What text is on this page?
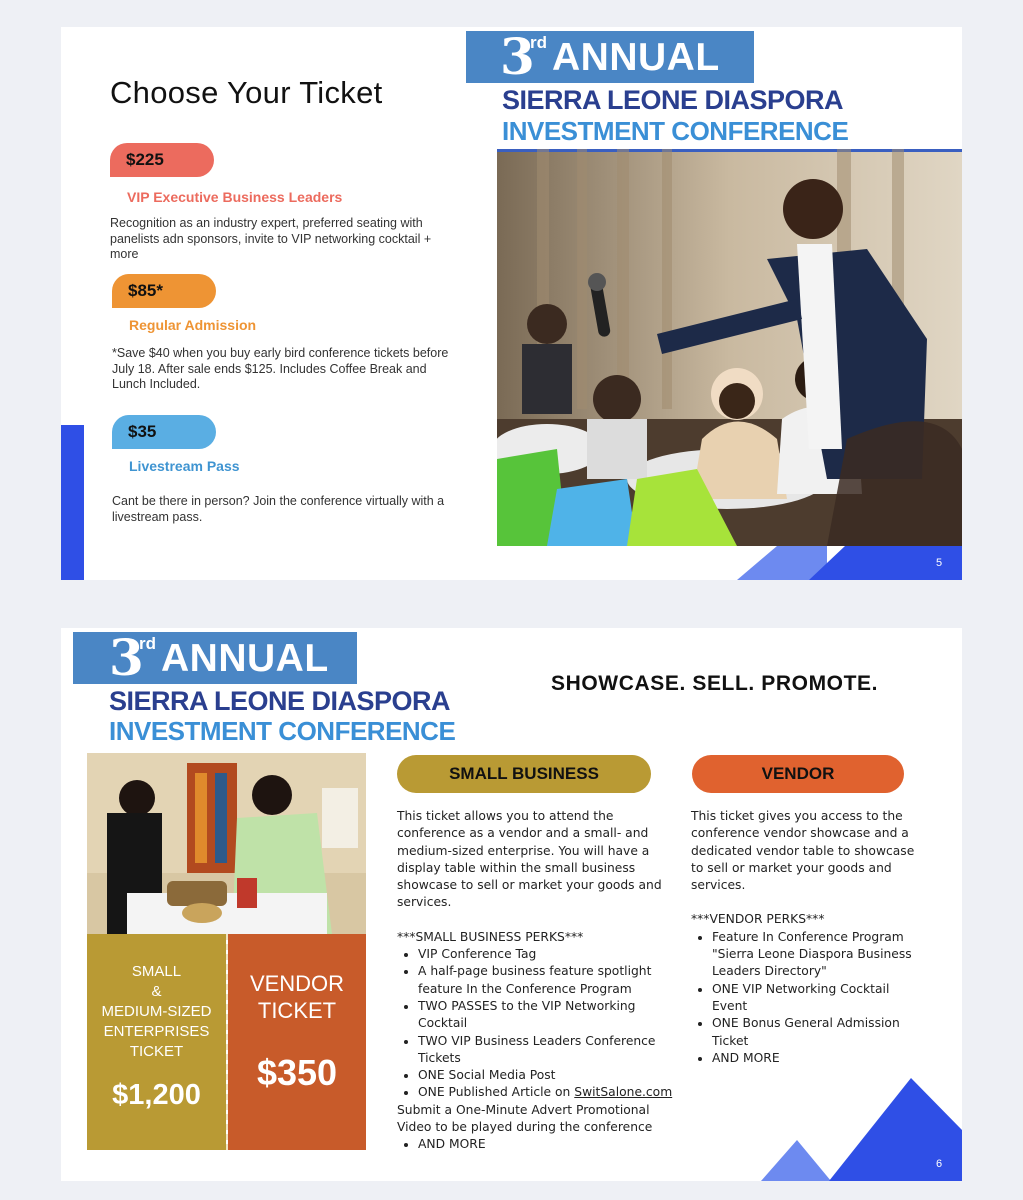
Choose Your Ticket
$225
VIP Executive Business Leaders
Recognition as an industry expert, preferred seating with panelists adn sponsors, invite to VIP networking cocktail + more
$85*
Regular Admission
*Save $40 when you buy early bird conference tickets before July 18. After sale ends $125. Includes Coffee Break and Lunch Included.
$35
Livestream Pass
Cant be there in person? Join the conference virtually with a livestream pass.
3
rd ANNUAL
SIERRA LEONE DIASPORA
INVESTMENT CONFERENCE
5
3
rd ANNUAL
SIERRA LEONE DIASPORA
INVESTMENT CONFERENCE
SHOWCASE. SELL. PROMOTE.
SMALL
&
MEDIUM-SIZED
ENTERPRISES
TICKET
$1,200
VENDOR
TICKET
$350
SMALL BUSINESS

This ticket allows you to attend the conference as a vendor and a small- and medium-sized enterprise. You will have a display table within the small business showcase to sell or market your goods and services.

***SMALL BUSINESS PERKS***

• VIP Conference Tag
• A half-page business feature spotlight feature In the Conference Program
• TWO PASSES to the VIP Networking Cocktail
• TWO VIP Business Leaders Conference Tickets
• ONE Social Media Post
• ONE Published Article on SwitSalone.com

Submit a One-Minute Advert Promotional Video to be played during the conference

• AND MORE
VENDOR

This ticket gives you access to the conference vendor showcase and a dedicated vendor table to showcase to sell or market your goods and services.

***VENDOR PERKS***

• Feature In Conference Program "Sierra Leone Diaspora Business Leaders Directory"
• ONE VIP Networking Cocktail Event
• ONE Bonus General Admission Ticket
• AND MORE
6
